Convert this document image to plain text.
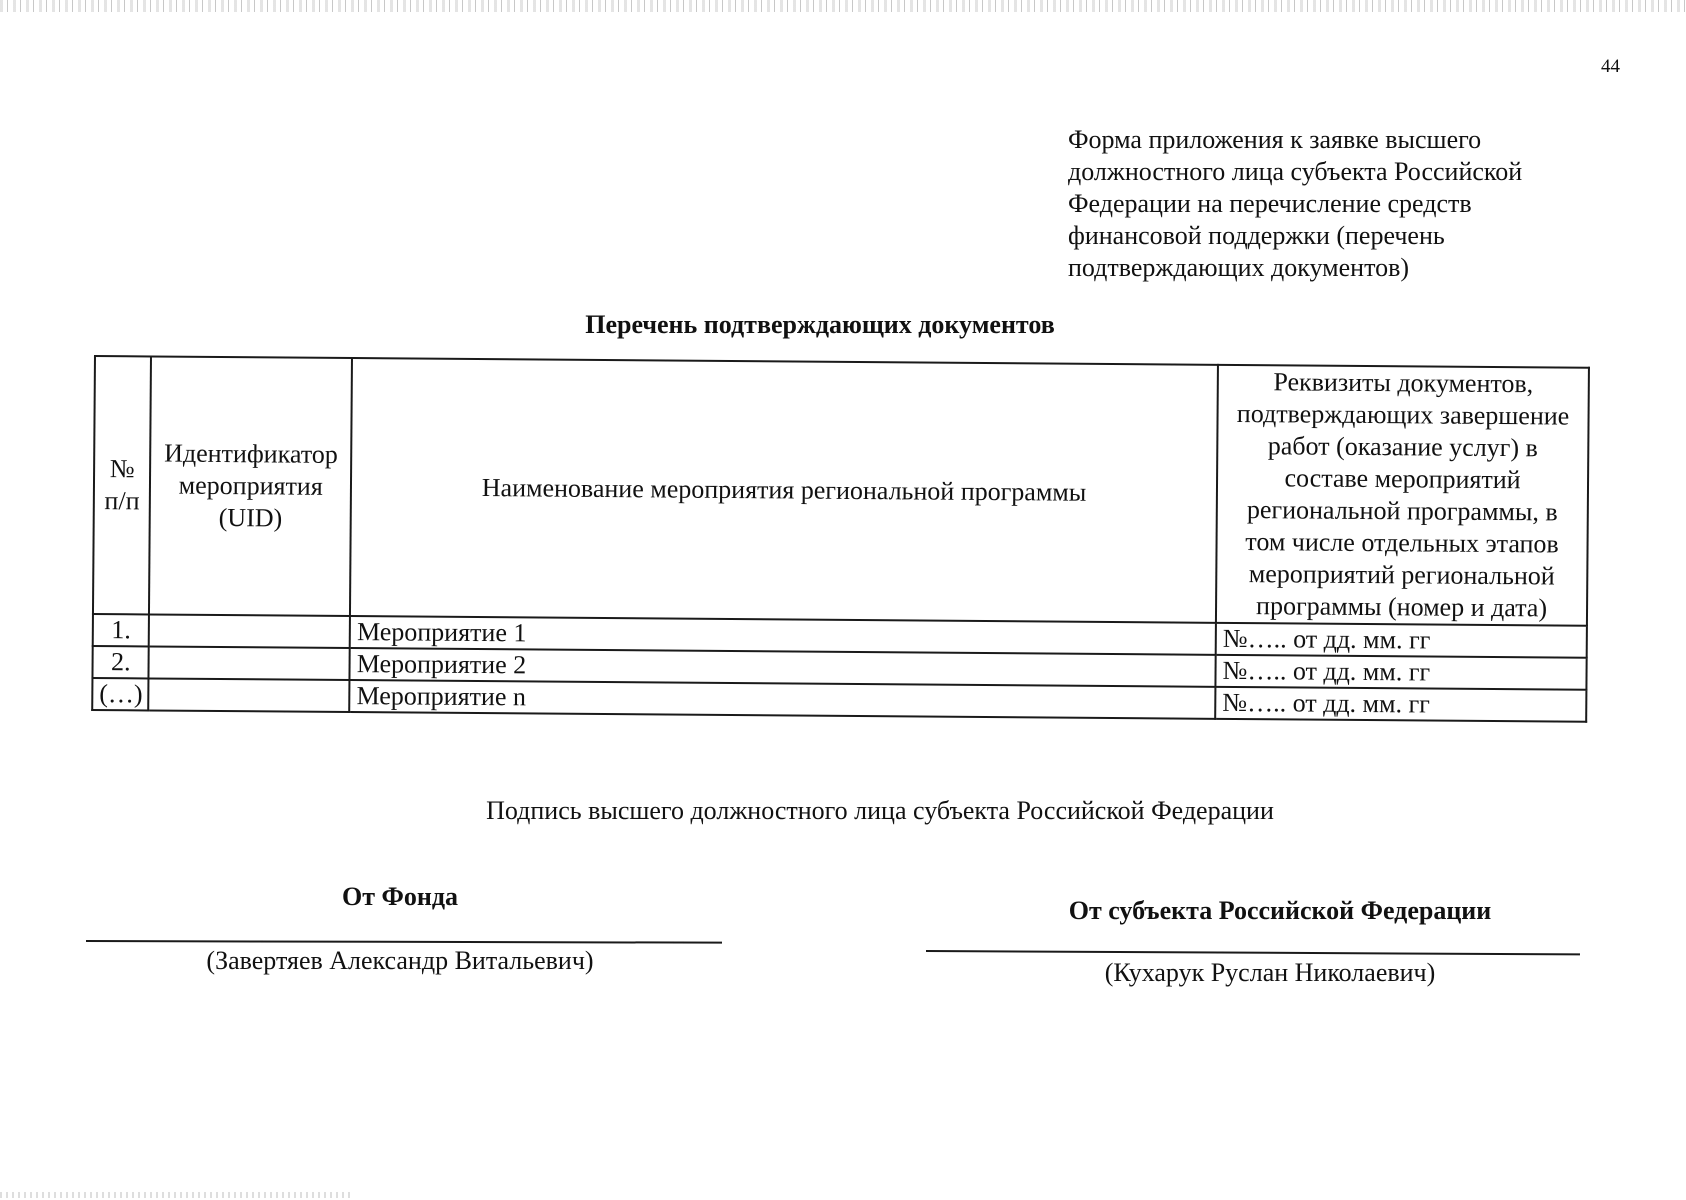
44
Форма приложения к заявке высшего должностного лица субъекта Российской Федерации на перечисление средств финансовой поддержки (перечень подтверждающих документов)
Перечень подтверждающих документов
№ п/п	Идентификатор мероприятия (UID)	Наименование мероприятия региональной программы	Реквизиты документов, подтверждающих завершение работ (оказание услуг) в составе мероприятий региональной программы, в том числе отдельных этапов мероприятий региональной программы (номер и дата)
1.		Мероприятие 1	№….. от дд. мм. гг
2.		Мероприятие 2	№….. от дд. мм. гг
(…)		Мероприятие n	№….. от дд. мм. гг
Подпись высшего должностного лица субъекта Российской Федерации
От Фонда	От субъекта Российской Федерации
(Завертяев Александр Витальевич)	(Кухарук Руслан Николаевич)
